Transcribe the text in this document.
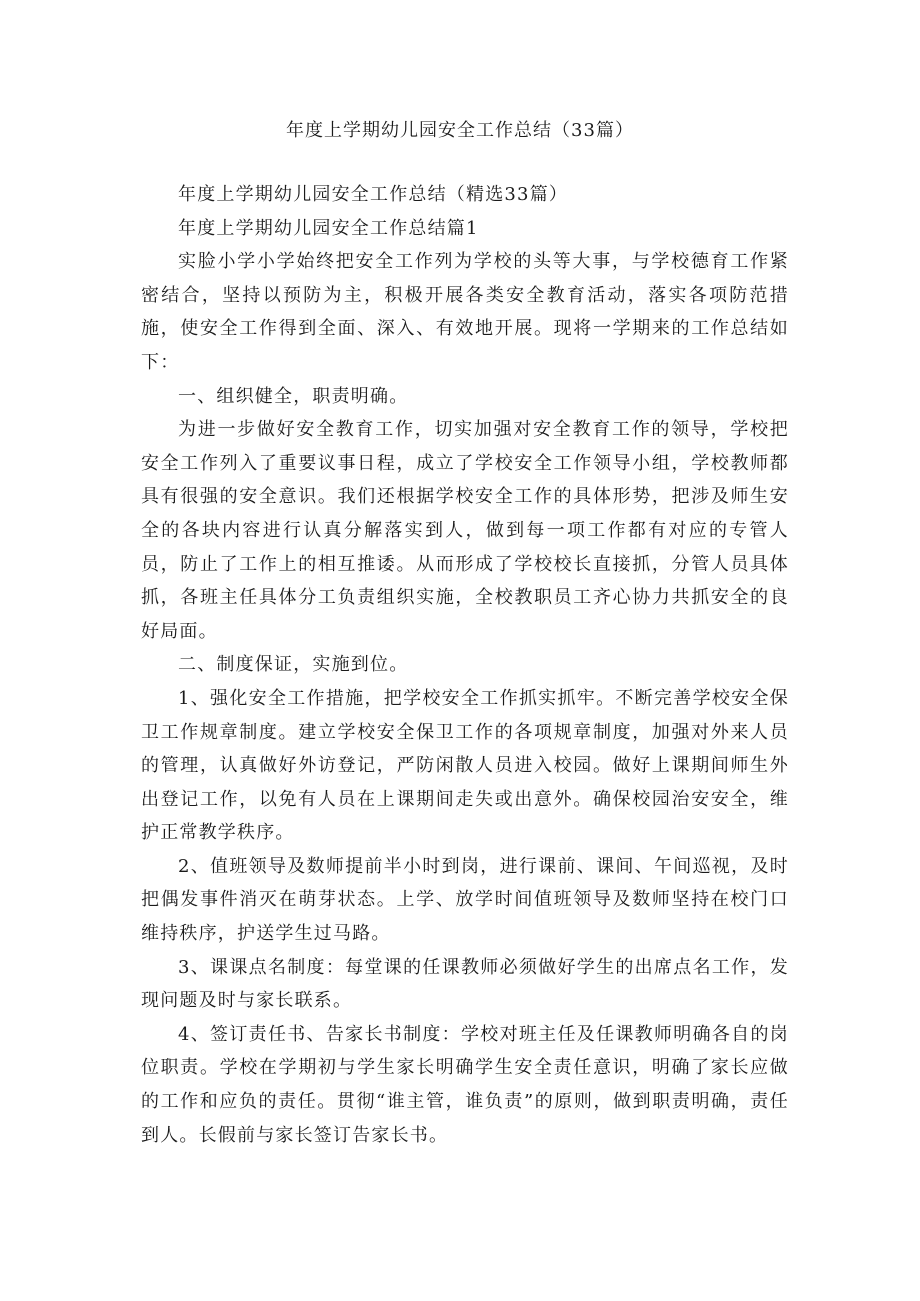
年度上学期幼儿园安全工作总结（33篇）

年度上学期幼儿园安全工作总结（精选33篇）

年度上学期幼儿园安全工作总结篇1

实脸小学小学始终把安全工作列为学校的头等大事，与学校德育工作紧密结合，坚持以预防为主，积极开展各类安全教育活动，落实各项防范措施，使安全工作得到全面、深入、有效地开展。现将一学期来的工作总结如下：

一、组织健全，职责明确。

为进一步做好安全教育工作，切实加强对安全教育工作的领导，学校把安全工作列入了重要议事日程，成立了学校安全工作领导小组，学校教师都具有很强的安全意识。我们还根据学校安全工作的具体形势，把涉及师生安全的各块内容进行认真分解落实到人，做到每一项工作都有对应的专管人员，防止了工作上的相互推诿。从而形成了学校校长直接抓，分管人员具体抓，各班主任具体分工负责组织实施，全校教职员工齐心协力共抓安全的良好局面。

二、制度保证，实施到位。

1、强化安全工作措施，把学校安全工作抓实抓牢。不断完善学校安全保卫工作规章制度。建立学校安全保卫工作的各项规章制度，加强对外来人员的管理，认真做好外访登记，严防闲散人员进入校园。做好上课期间师生外出登记工作，以免有人员在上课期间走失或出意外。确保校园治安安全，维护正常教学秩序。

2、值班领导及数师提前半小时到岗，进行课前、课间、午间巡视，及时把偶发事件消灭在萌芽状态。上学、放学时间值班领导及数师坚持在校门口维持秩序，护送学生过马路。

3、课课点名制度：每堂课的任课教师必须做好学生的出席点名工作，发现问题及时与家长联系。

4、签订责任书、告家长书制度：学校对班主任及任课教师明确各自的岗位职责。学校在学期初与学生家长明确学生安全责任意识，明确了家长应做的工作和应负的责任。贯彻“谁主管，谁负责”的原则，做到职责明确，责任到人。长假前与家长签订告家长书。
